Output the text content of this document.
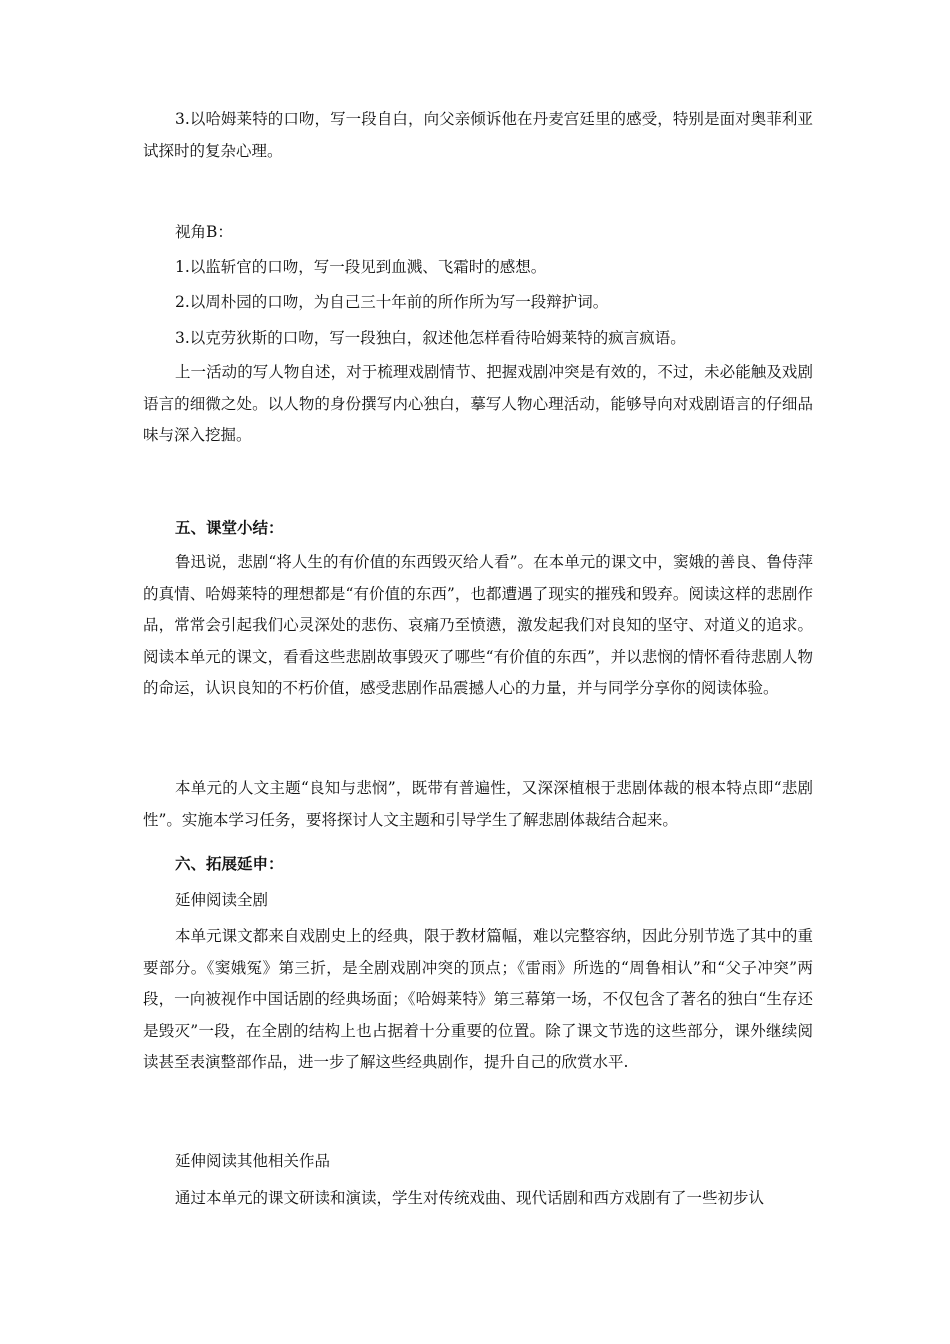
3.以哈姆莱特的口吻，写一段自白，向父亲倾诉他在丹麦宫廷里的感受，特别是面对奥菲利亚试探时的复杂心理。

视角B：

1.以监斩官的口吻，写一段见到血溅、飞霜时的感想。

2.以周朴园的口吻，为自己三十年前的所作所为写一段辩护词。

3.以克劳狄斯的口吻，写一段独白，叙述他怎样看待哈姆莱特的疯言疯语。

上一活动的写人物自述，对于梳理戏剧情节、把握戏剧冲突是有效的，不过，未必能触及戏剧语言的细微之处。以人物的身份撰写内心独白，摹写人物心理活动，能够导向对戏剧语言的仔细品味与深入挖掘。

五、课堂小结：

鲁迅说，悲剧“将人生的有价值的东西毁灭给人看”。在本单元的课文中，窦娥的善良、鲁侍萍的真情、哈姆莱特的理想都是“有价值的东西”，也都遭遇了现实的摧残和毁弃。阅读这样的悲剧作品，常常会引起我们心灵深处的悲伤、哀痛乃至愤懑，激发起我们对良知的坚守、对道义的追求。阅读本单元的课文，看看这些悲剧故事毁灭了哪些“有价值的东西”，并以悲悯的情怀看待悲剧人物的命运，认识良知的不朽价值，感受悲剧作品震撼人心的力量，并与同学分享你的阅读体验。

本单元的人文主题“良知与悲悯”，既带有普遍性，又深深植根于悲剧体裁的根本特点即“悲剧性”。实施本学习任务，要将探讨人文主题和引导学生了解悲剧体裁结合起来。

六、拓展延申：

延伸阅读全剧

本单元课文都来自戏剧史上的经典，限于教材篇幅，难以完整容纳，因此分别节选了其中的重要部分。《窦娥冤》第三折，是全剧戏剧冲突的顶点；《雷雨》所选的“周鲁相认”和“父子冲突”两段，一向被视作中国话剧的经典场面；《哈姆莱特》第三幕第一场，不仅包含了著名的独白“生存还是毁灭”一段，在全剧的结构上也占据着十分重要的位置。除了课文节选的这些部分，课外继续阅读甚至表演整部作品，进一步了解这些经典剧作，提升自己的欣赏水平.

延伸阅读其他相关作品

通过本单元的课文研读和演读，学生对传统戏曲、现代话剧和西方戏剧有了一些初步认
